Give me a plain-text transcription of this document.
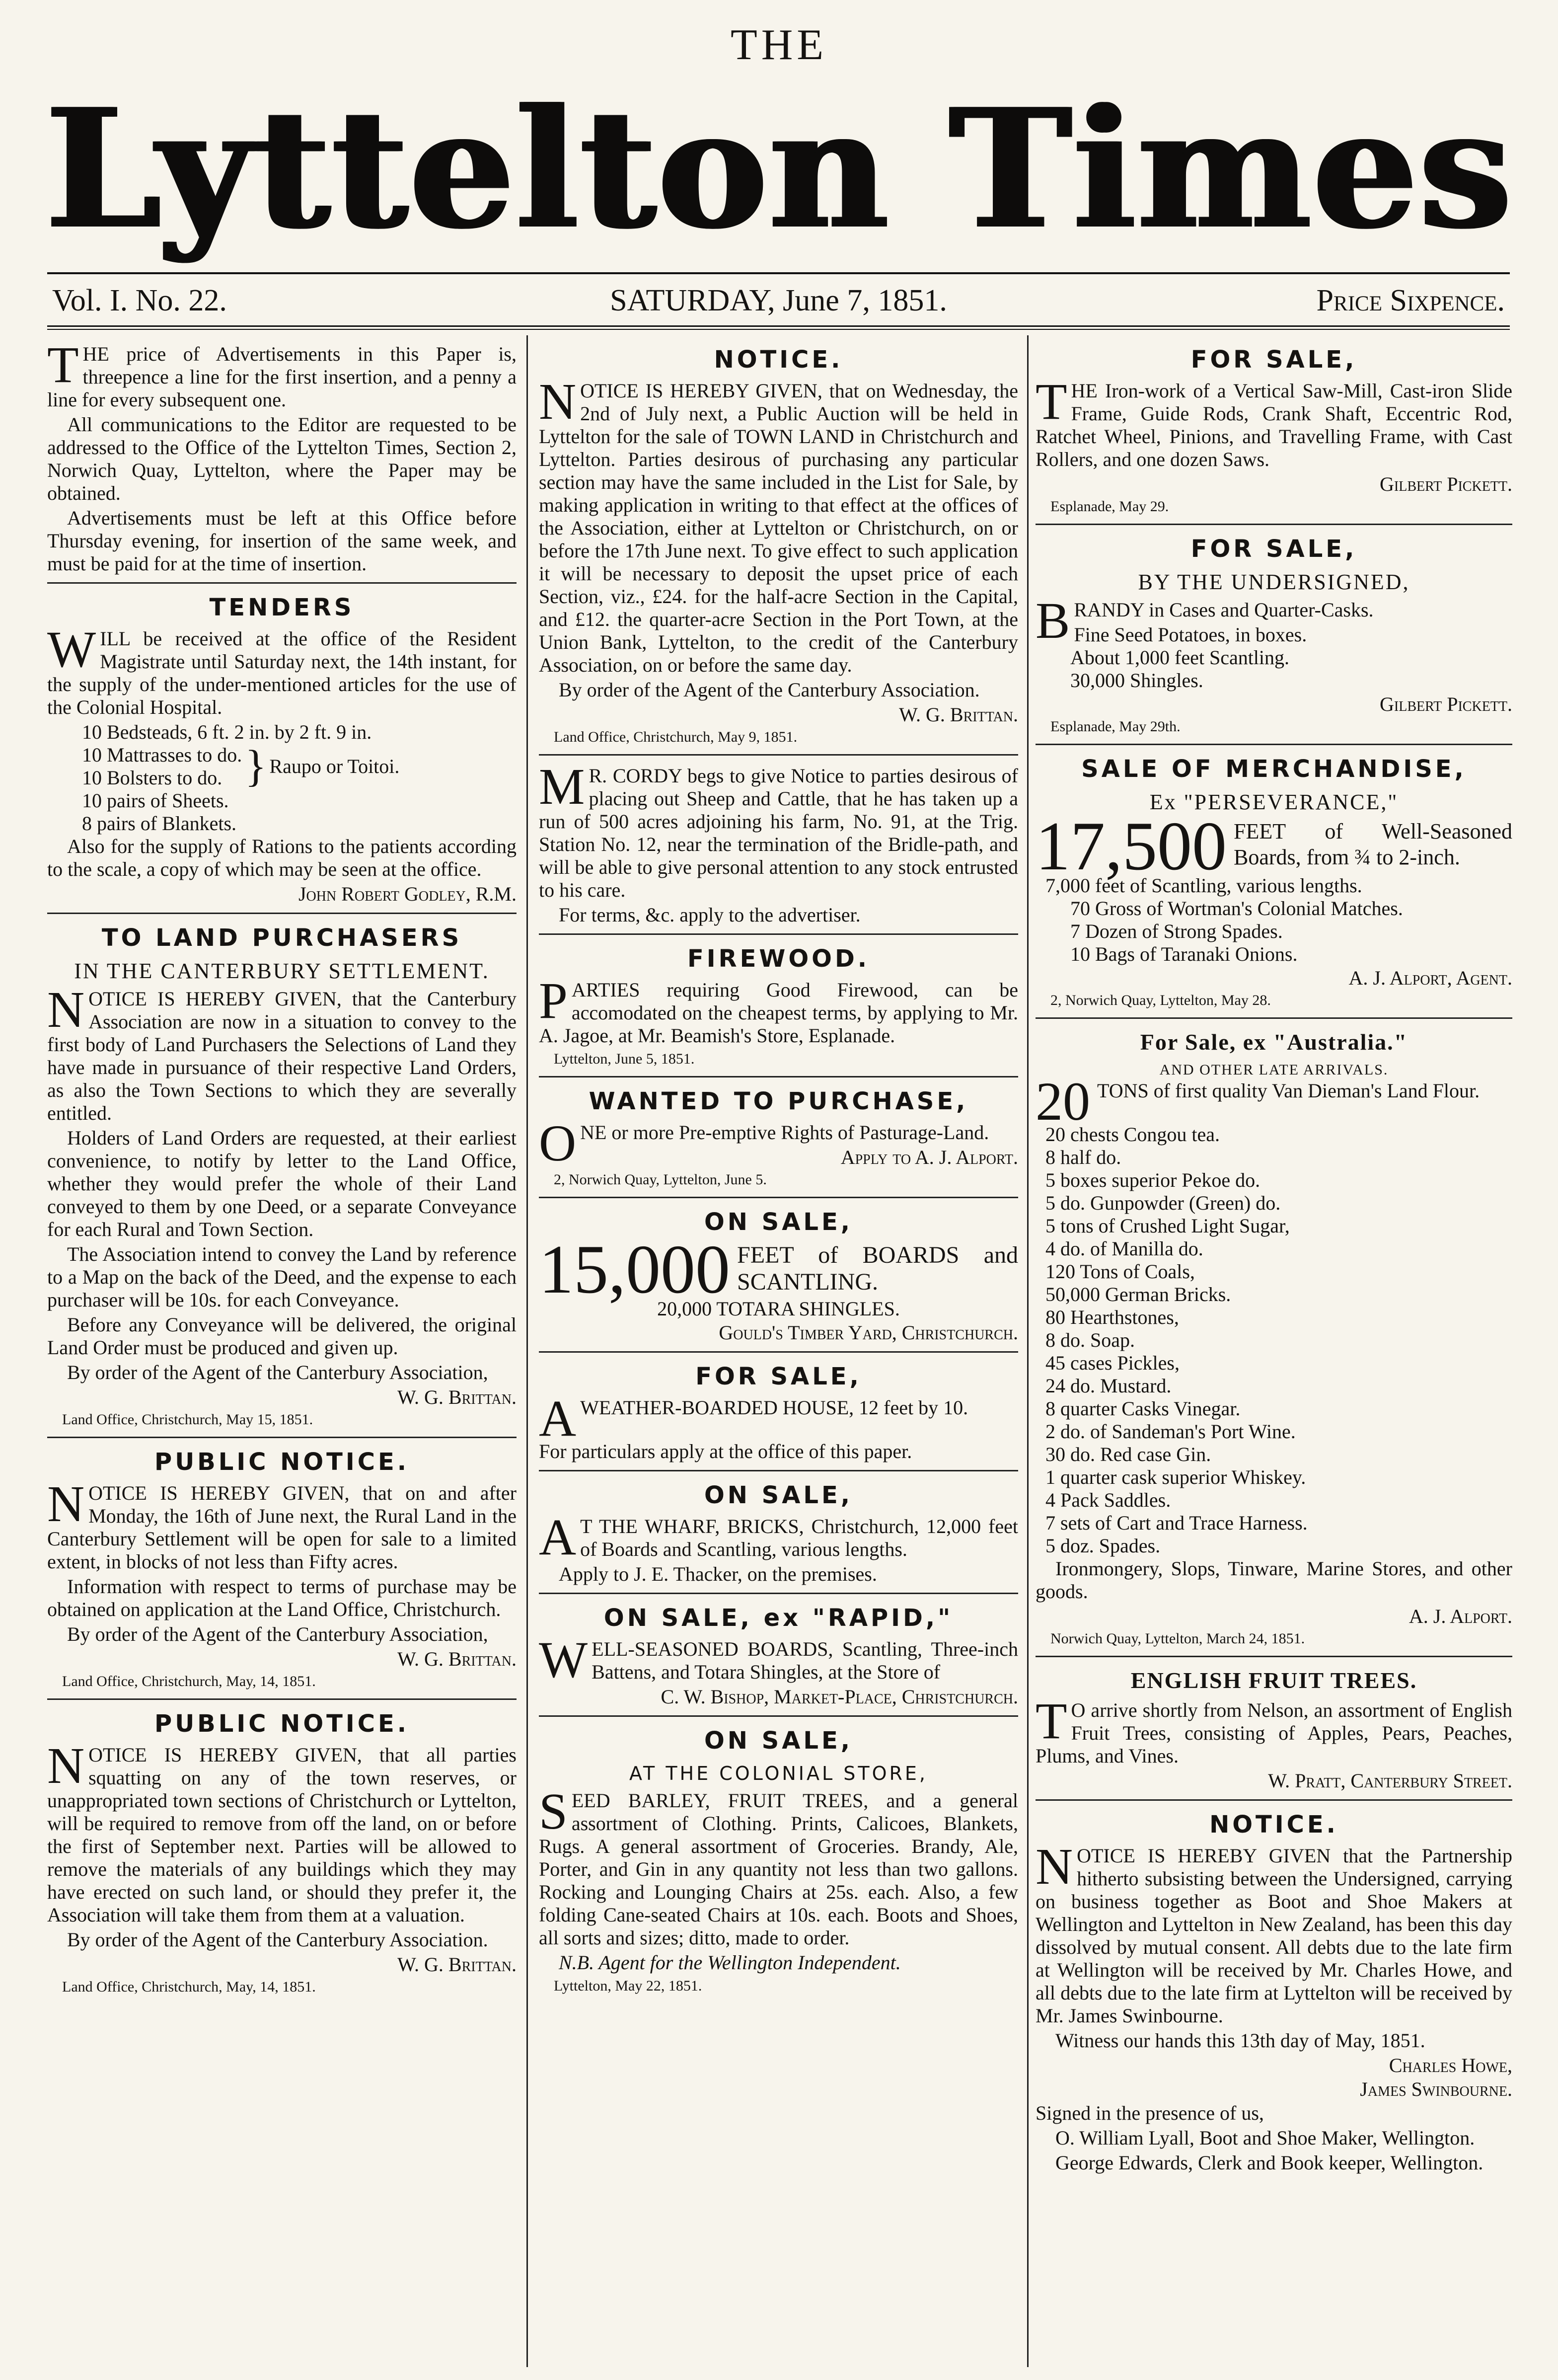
THE
Lyttelton Times
SATURDAY, June 7, 1851.
Vol. I. No. 22.	Price Sixpence.

THE price of Advertisements in this Paper is, threepence a line for the first insertion, and a penny a line for every subsequent one.

All communications to the Editor are requested to be addressed to the Office of the Lyttelton Times, Section 2, Norwich Quay, Lyttelton, where the Paper may be obtained.

Advertisements must be left at this Office before Thursday evening, for insertion of the same week, and must be paid for at the time of insertion.

TENDERS

WILL be received at the office of the Resident Magistrate until Saturday next, the 14th instant, for the supply of the under-mentioned articles for the use of the Colonial Hospital.

10 Bedsteads, 6 ft. 2 in. by 2 ft. 9 in.
10 Mattrasses to do.
10 Bolsters to do. } Raupo or Toitoi.
10 pairs of Sheets.
8 pairs of Blankets.

Also for the supply of Rations to the patients according to the scale, a copy of which may be seen at the office.

John Robert Godley, R.M.
TO LAND PURCHASERS
IN THE CANTERBURY SETTLEMENT.

NOTICE IS HEREBY GIVEN, that the Canterbury Association are now in a situation to convey to the first body of Land Purchasers the Selections of Land they have made in pursuance of their respective Land Orders, as also the Town Sections to which they are severally entitled.

Holders of Land Orders are requested, at their earliest convenience, to notify by letter to the Land Office, whether they would prefer the whole of their Land conveyed to them by one Deed, or a separate Conveyance for each Rural and Town Section.

The Association intend to convey the Land by reference to a Map on the back of the Deed, and the expense to each purchaser will be 10s. for each Conveyance.

Before any Conveyance will be delivered, the original Land Order must be produced and given up.

By order of the Agent of the Canterbury Association,

W. G. Brittan.
Land Office, Christchurch, May 15, 1851.
PUBLIC NOTICE.

NOTICE IS HEREBY GIVEN, that on and after Monday, the 16th of June next, the Rural Land in the Canterbury Settlement will be open for sale to a limited extent, in blocks of not less than Fifty acres.

Information with respect to terms of purchase may be obtained on application at the Land Office, Christchurch.

By order of the Agent of the Canterbury Association,

W. G. Brittan.
Land Office, Christchurch, May, 14, 1851.
PUBLIC NOTICE.

NOTICE IS HEREBY GIVEN, that all parties squatting on any of the town reserves, or unappropriated town sections of Christchurch or Lyttelton, will be required to remove from off the land, on or before the first of September next. Parties will be allowed to remove the materials of any buildings which they may have erected on such land, or should they prefer it, the Association will take them from them at a valuation.

By order of the Agent of the Canterbury Association.

W. G. Brittan.
Land Office, Christchurch, May, 14, 1851.
NOTICE.

NOTICE IS HEREBY GIVEN, that on Wednesday, the 2nd of July next, a Public Auction will be held in Lyttelton for the sale of TOWN LAND in Christchurch and Lyttelton. Parties desirous of purchasing any particular section may have the same included in the List for Sale, by making application in writing to that effect at the offices of the Association, either at Lyttelton or Christchurch, on or before the 17th June next. To give effect to such application it will be necessary to deposit the upset price of each Section, viz., £24. for the half-acre Section in the Capital, and £12. the quarter-acre Section in the Port Town, at the Union Bank, Lyttelton, to the credit of the Canterbury Association, on or before the same day.

By order of the Agent of the Canterbury Association.

W. G. Brittan.
Land Office, Christchurch, May 9, 1851.

M R. CORDY begs to give Notice to parties desirous of placing out Sheep and Cattle, that he has taken up a run of 500 acres adjoining his farm, No. 91, at the Trig. Station No. 12, near the termination of the Bridle-path, and will be able to give personal attention to any stock entrusted to his care.

For terms, &c. apply to the advertiser.

FIREWOOD.

PARTIES requiring Good Firewood, can be accomodated on the cheapest terms, by applying to Mr. A. Jagoe, at Mr. Beamish's Store, Esplanade.

Lyttelton, June 5, 1851.
WANTED TO PURCHASE,

ONE or more Pre-emptive Rights of Pasturage-Land.

Apply to A. J. Alport.
2, Norwich Quay, Lyttelton, June 5.
ON SALE,

15,000 FEET of BOARDS and SCANTLING.

20,000 TOTARA SHINGLES.
Gould's Timber Yard, Christchurch.
FOR SALE,

AWEATHER-BOARDED HOUSE, 12 feet by 10.

For particulars apply at the office of this paper.

ON SALE,

A T THE WHARF, BRICKS, Christchurch, 12,000 feet of Boards and Scantling, various lengths.

Apply to J. E. Thacker, on the premises.

ON SALE, ex "RAPID,"

WELL-SEASONED BOARDS, Scantling, Three-inch Battens, and Totara Shingles, at the Store of

C. W. Bishop, Market-Place, Christchurch.
ON SALE,
AT THE COLONIAL STORE,

SEED BARLEY, FRUIT TREES, and a general assortment of Clothing. Prints, Calicoes, Blankets, Rugs. A general assortment of Groceries. Brandy, Ale, Porter, and Gin in any quantity not less than two gallons. Rocking and Lounging Chairs at 25s. each. Also, a few folding Cane-seated Chairs at 10s. each. Boots and Shoes, all sorts and sizes; ditto, made to order.

N.B. Agent for the Wellington Independent.

Lyttelton, May 22, 1851.
FOR SALE,

THE Iron-work of a Vertical Saw-Mill, Cast-iron Slide Frame, Guide Rods, Crank Shaft, Eccentric Rod, Ratchet Wheel, Pinions, and Travelling Frame, with Cast Rollers, and one dozen Saws.

Gilbert Pickett.
Esplanade, May 29.
FOR SALE,
BY THE UNDERSIGNED,

BRANDY in Cases and Quarter-Casks.

Fine Seed Potatoes, in boxes.
About 1,000 feet Scantling.
30,000 Shingles.
Gilbert Pickett.
Esplanade, May 29th.
SALE OF MERCHANDISE,
Ex "PERSEVERANCE,"

17,500 FEET of Well-Seasoned Boards, from ¾ to 2-inch.

7,000 feet of Scantling, various lengths.
70 Gross of Wortman's Colonial Matches.
7 Dozen of Strong Spades.
10 Bags of Taranaki Onions.
A. J. Alport, Agent.
2, Norwich Quay, Lyttelton, May 28.
For Sale, ex "Australia."
AND OTHER LATE ARRIVALS.

20 TONS of first quality Van Dieman's Land Flour.

20 chests Congou tea.
8 half do.
5 boxes superior Pekoe do.
5 do. Gunpowder (Green) do.
5 tons of Crushed Light Sugar,
4 do. of Manilla do.
120 Tons of Coals,
50,000 German Bricks.
80 Hearthstones,
8 do. Soap.
45 cases Pickles,
24 do. Mustard.
8 quarter Casks Vinegar.
2 do. of Sandeman's Port Wine.
30 do. Red case Gin.
1 quarter cask superior Whiskey.
4 Pack Saddles.
7 sets of Cart and Trace Harness.
5 doz. Spades.

Ironmongery, Slops, Tinware, Marine Stores, and other goods.

A. J. Alport.
Norwich Quay, Lyttelton, March 24, 1851.
ENGLISH FRUIT TREES.

T O arrive shortly from Nelson, an assortment of English Fruit Trees, consisting of Apples, Pears, Peaches, Plums, and Vines.

W. Pratt, Canterbury Street.
NOTICE.

NOTICE IS HEREBY GIVEN that the Partnership hitherto subsisting between the Undersigned, carrying on business together as Boot and Shoe Makers at Wellington and Lyttelton in New Zealand, has been this day dissolved by mutual consent. All debts due to the late firm at Wellington will be received by Mr. Charles Howe, and all debts due to the late firm at Lyttelton will be received by Mr. James Swinbourne.

Witness our hands this 13th day of May, 1851.

Charles Howe,
James Swinbourne.

Signed in the presence of us,

O. William Lyall, Boot and Shoe Maker, Wellington.

George Edwards, Clerk and Book keeper, Wellington.
